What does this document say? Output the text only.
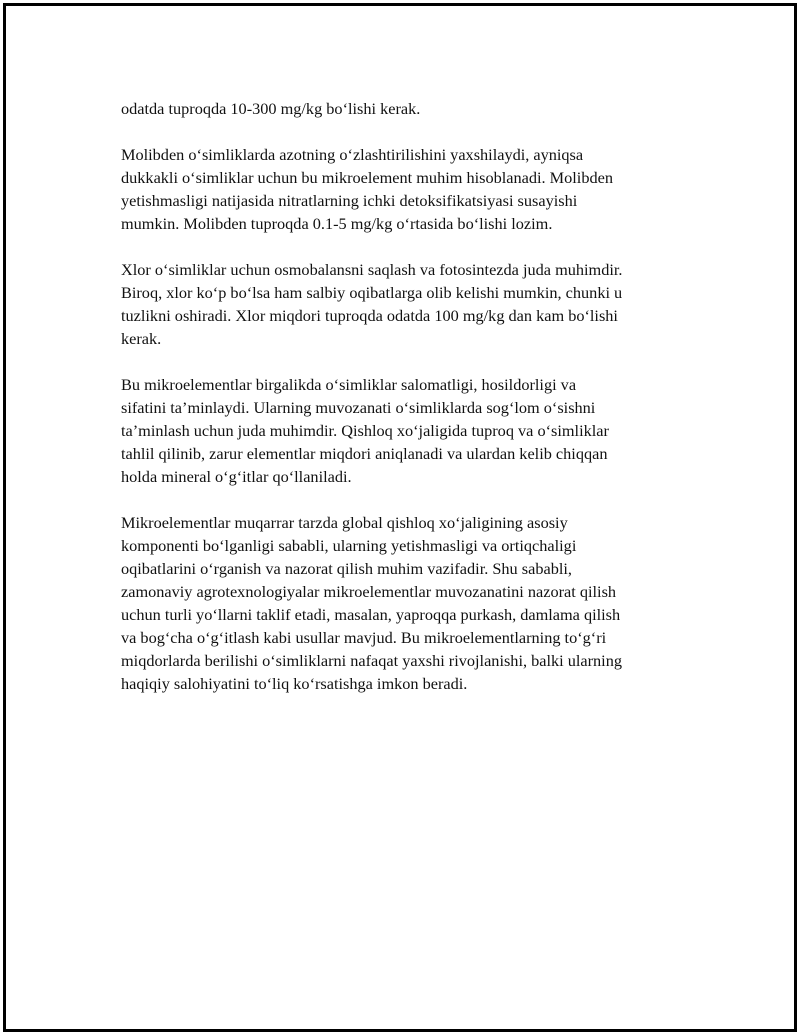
odatda tuproqda 10-300 mg/kg bo‘lishi kerak.

Molibden o‘simliklarda azotning o‘zlashtirilishini yaxshilaydi, ayniqsa
dukkakli o‘simliklar uchun bu mikroelement muhim hisoblanadi. Molibden
yetishmasligi natijasida nitratlarning ichki detoksifikatsiyasi susayishi
mumkin. Molibden tuproqda 0.1-5 mg/kg o‘rtasida bo‘lishi lozim.

Xlor o‘simliklar uchun osmobalansni saqlash va fotosintezda juda muhimdir.
Biroq, xlor ko‘p bo‘lsa ham salbiy oqibatlarga olib kelishi mumkin, chunki u
tuzlikni oshiradi. Xlor miqdori tuproqda odatda 100 mg/kg dan kam bo‘lishi
kerak.

Bu mikroelementlar birgalikda o‘simliklar salomatligi, hosildorligi va
sifatini ta’minlaydi. Ularning muvozanati o‘simliklarda sog‘lom o‘sishni
ta’minlash uchun juda muhimdir. Qishloq xo‘jaligida tuproq va o‘simliklar
tahlil qilinib, zarur elementlar miqdori aniqlanadi va ulardan kelib chiqqan
holda mineral o‘g‘itlar qo‘llaniladi.

Mikroelementlar muqarrar tarzda global qishloq xo‘jaligining asosiy
komponenti bo‘lganligi sababli, ularning yetishmasligi va ortiqchaligi
oqibatlarini o‘rganish va nazorat qilish muhim vazifadir. Shu sababli,
zamonaviy agrotexnologiyalar mikroelementlar muvozanatini nazorat qilish
uchun turli yo‘llarni taklif etadi, masalan, yaproqqa purkash, damlama qilish
va bog‘cha o‘g‘itlash kabi usullar mavjud. Bu mikroelementlarning to‘g‘ri
miqdorlarda berilishi o‘simliklarni nafaqat yaxshi rivojlanishi, balki ularning
haqiqiy salohiyatini to‘liq ko‘rsatishga imkon beradi.
